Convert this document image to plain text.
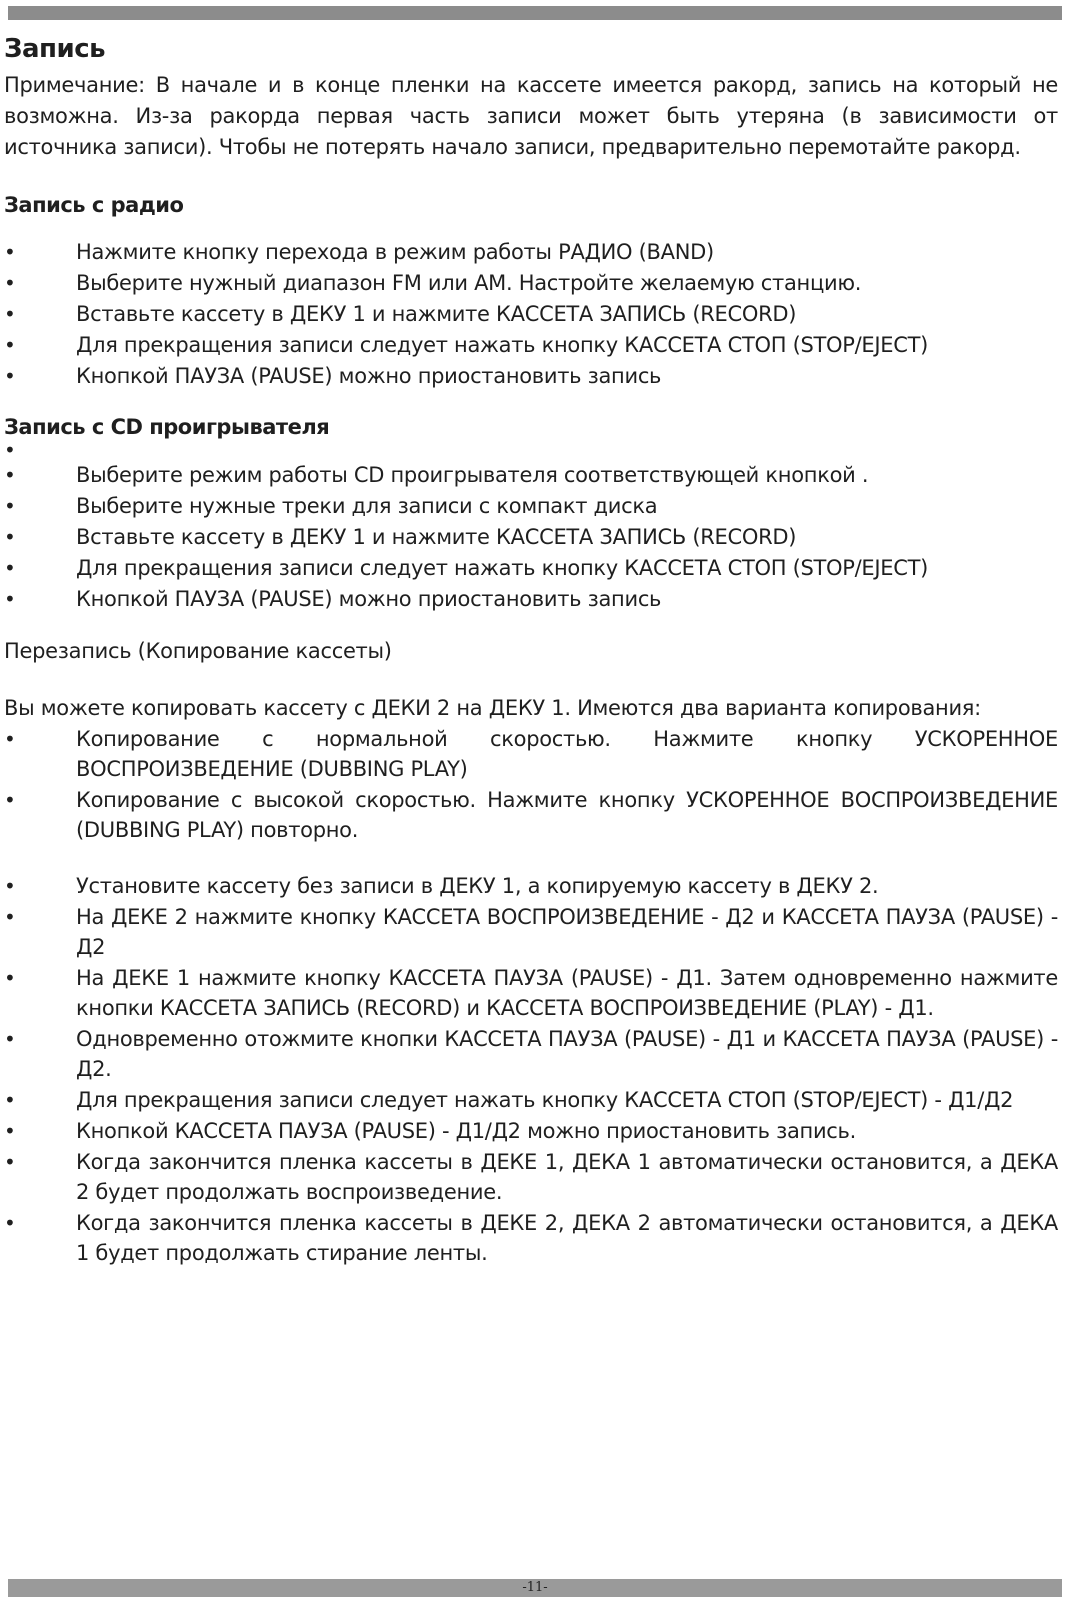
Запись

Примечание: В начале и в конце пленки на кассете имеется ракорд, запись на который не возможна. Из-за ракорда первая часть записи может быть утеряна (в зависимости от источника записи). Чтобы не потерять начало записи, предварительно перемотайте ракорд.

Запись с радио
• Нажмите кнопку перехода в режим работы РАДИО (BAND)
• Выберите нужный диапазон FM или AM. Настройте желаемую станцию.
• Вставьте кассету в ДЕКУ 1 и нажмите КАССЕТА ЗАПИСЬ (RECORD)
• Для прекращения записи следует нажать кнопку КАССЕТА СТОП (STOP/EJECT)
• Кнопкой ПАУЗА (PAUSE) можно приостановить запись
Запись с CD проигрывателя
•
• Выберите режим работы CD проигрывателя соответствующей кнопкой .
• Выберите нужные треки для записи с компакт диска
• Вставьте кассету в ДЕКУ 1 и нажмите КАССЕТА ЗАПИСЬ (RECORD)
• Для прекращения записи следует нажать кнопку КАССЕТА СТОП (STOP/EJECT)
• Кнопкой ПАУЗА (PAUSE) можно приостановить запись

Перезапись (Копирование кассеты)

Вы можете копировать кассету с ДЕКИ 2 на ДЕКУ 1. Имеются два варианта копирования:

• Копирование с нормальной скоростью. Нажмите кнопку УСКОРЕННОЕ ВОСПРОИЗВЕДЕНИЕ (DUBBING PLAY)
• Копирование с высокой скоростью. Нажмите кнопку УСКОРЕННОЕ ВОСПРОИЗВЕДЕНИЕ (DUBBING PLAY) повторно.
• Установите кассету без записи в ДЕКУ 1, а копируемую кассету в ДЕКУ 2.
• На ДЕКЕ 2 нажмите кнопку КАССЕТА ВОСПРОИЗВЕДЕНИЕ - Д2 и КАССЕТА ПАУЗА (PAUSE) - Д2
• На ДЕКЕ 1 нажмите кнопку КАССЕТА ПАУЗА (PAUSE) - Д1. Затем одновременно нажмите кнопки КАССЕТА ЗАПИСЬ (RECORD) и КАССЕТА ВОСПРОИЗВЕДЕНИЕ (PLAY) - Д1.
• Одновременно отожмите кнопки КАССЕТА ПАУЗА (PAUSE) - Д1 и КАССЕТА ПАУЗА (PAUSE) - Д2.
• Для прекращения записи следует нажать кнопку КАССЕТА СТОП (STOP/EJECT) - Д1/Д2
• Кнопкой КАССЕТА ПАУЗА (PAUSE) - Д1/Д2 можно приостановить запись.
• Когда закончится пленка кассеты в ДЕКЕ 1, ДЕКА 1 автоматически остановится, а ДЕКА 2 будет продолжать воспроизведение.
• Когда закончится пленка кассеты в ДЕКЕ 2, ДЕКА 2 автоматически остановится, а ДЕКА 1 будет продолжать стирание ленты.
-11-
